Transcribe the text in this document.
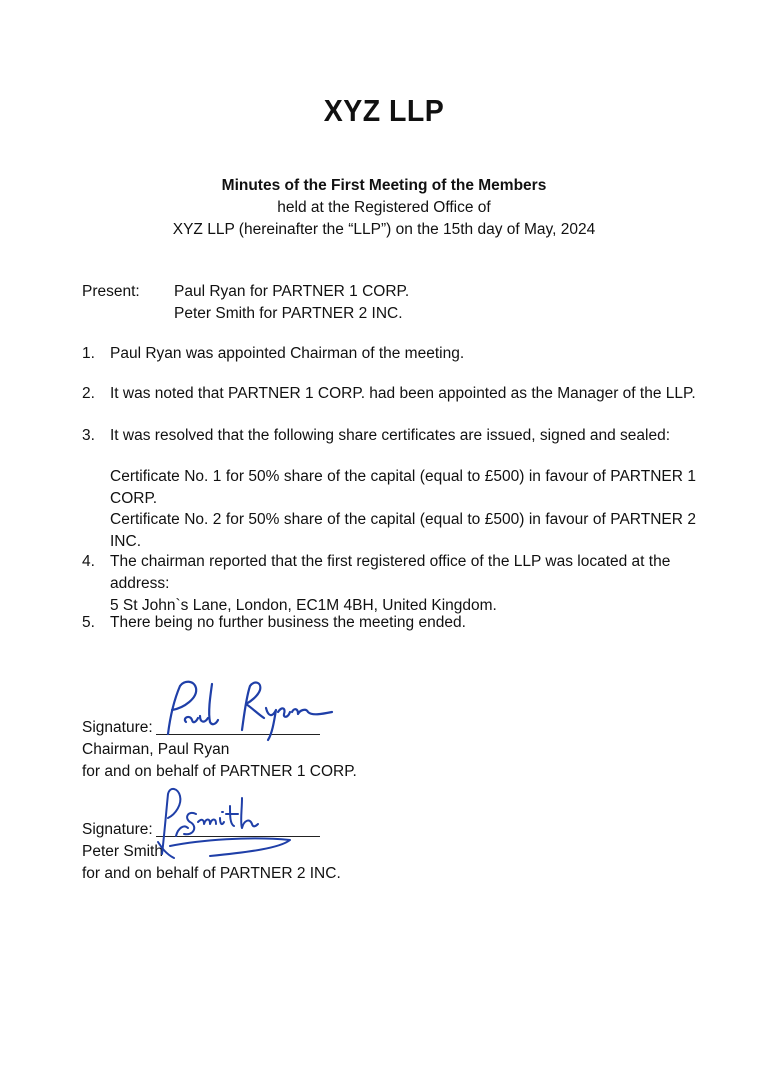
XYZ LLP
Minutes of the First Meeting of the Members
held at the Registered Office of
XYZ LLP (hereinafter the “LLP”) on the 15th day of May, 2024
Present: Paul Ryan for PARTNER 1 CORP.
Peter Smith for PARTNER 2 INC.
1. Paul Ryan was appointed Chairman of the meeting.
2. It was noted that PARTNER 1 CORP. had been appointed as the Manager of the LLP.
3. It was resolved that the following share certificates are issued, signed and sealed:
Certificate No. 1 for 50% share of the capital (equal to £500) in favour of PARTNER 1 CORP.
Certificate No. 2 for 50% share of the capital (equal to £500) in favour of PARTNER 2 INC.
4. The chairman reported that the first registered office of the LLP was located at the address:
5 St John`s Lane, London, EC1M 4BH, United Kingdom.
5. There being no further business the meeting ended.
Signature:
Chairman, Paul Ryan
for and on behalf of PARTNER 1 CORP.
Signature:
Peter Smith
for and on behalf of PARTNER 2 INC.
